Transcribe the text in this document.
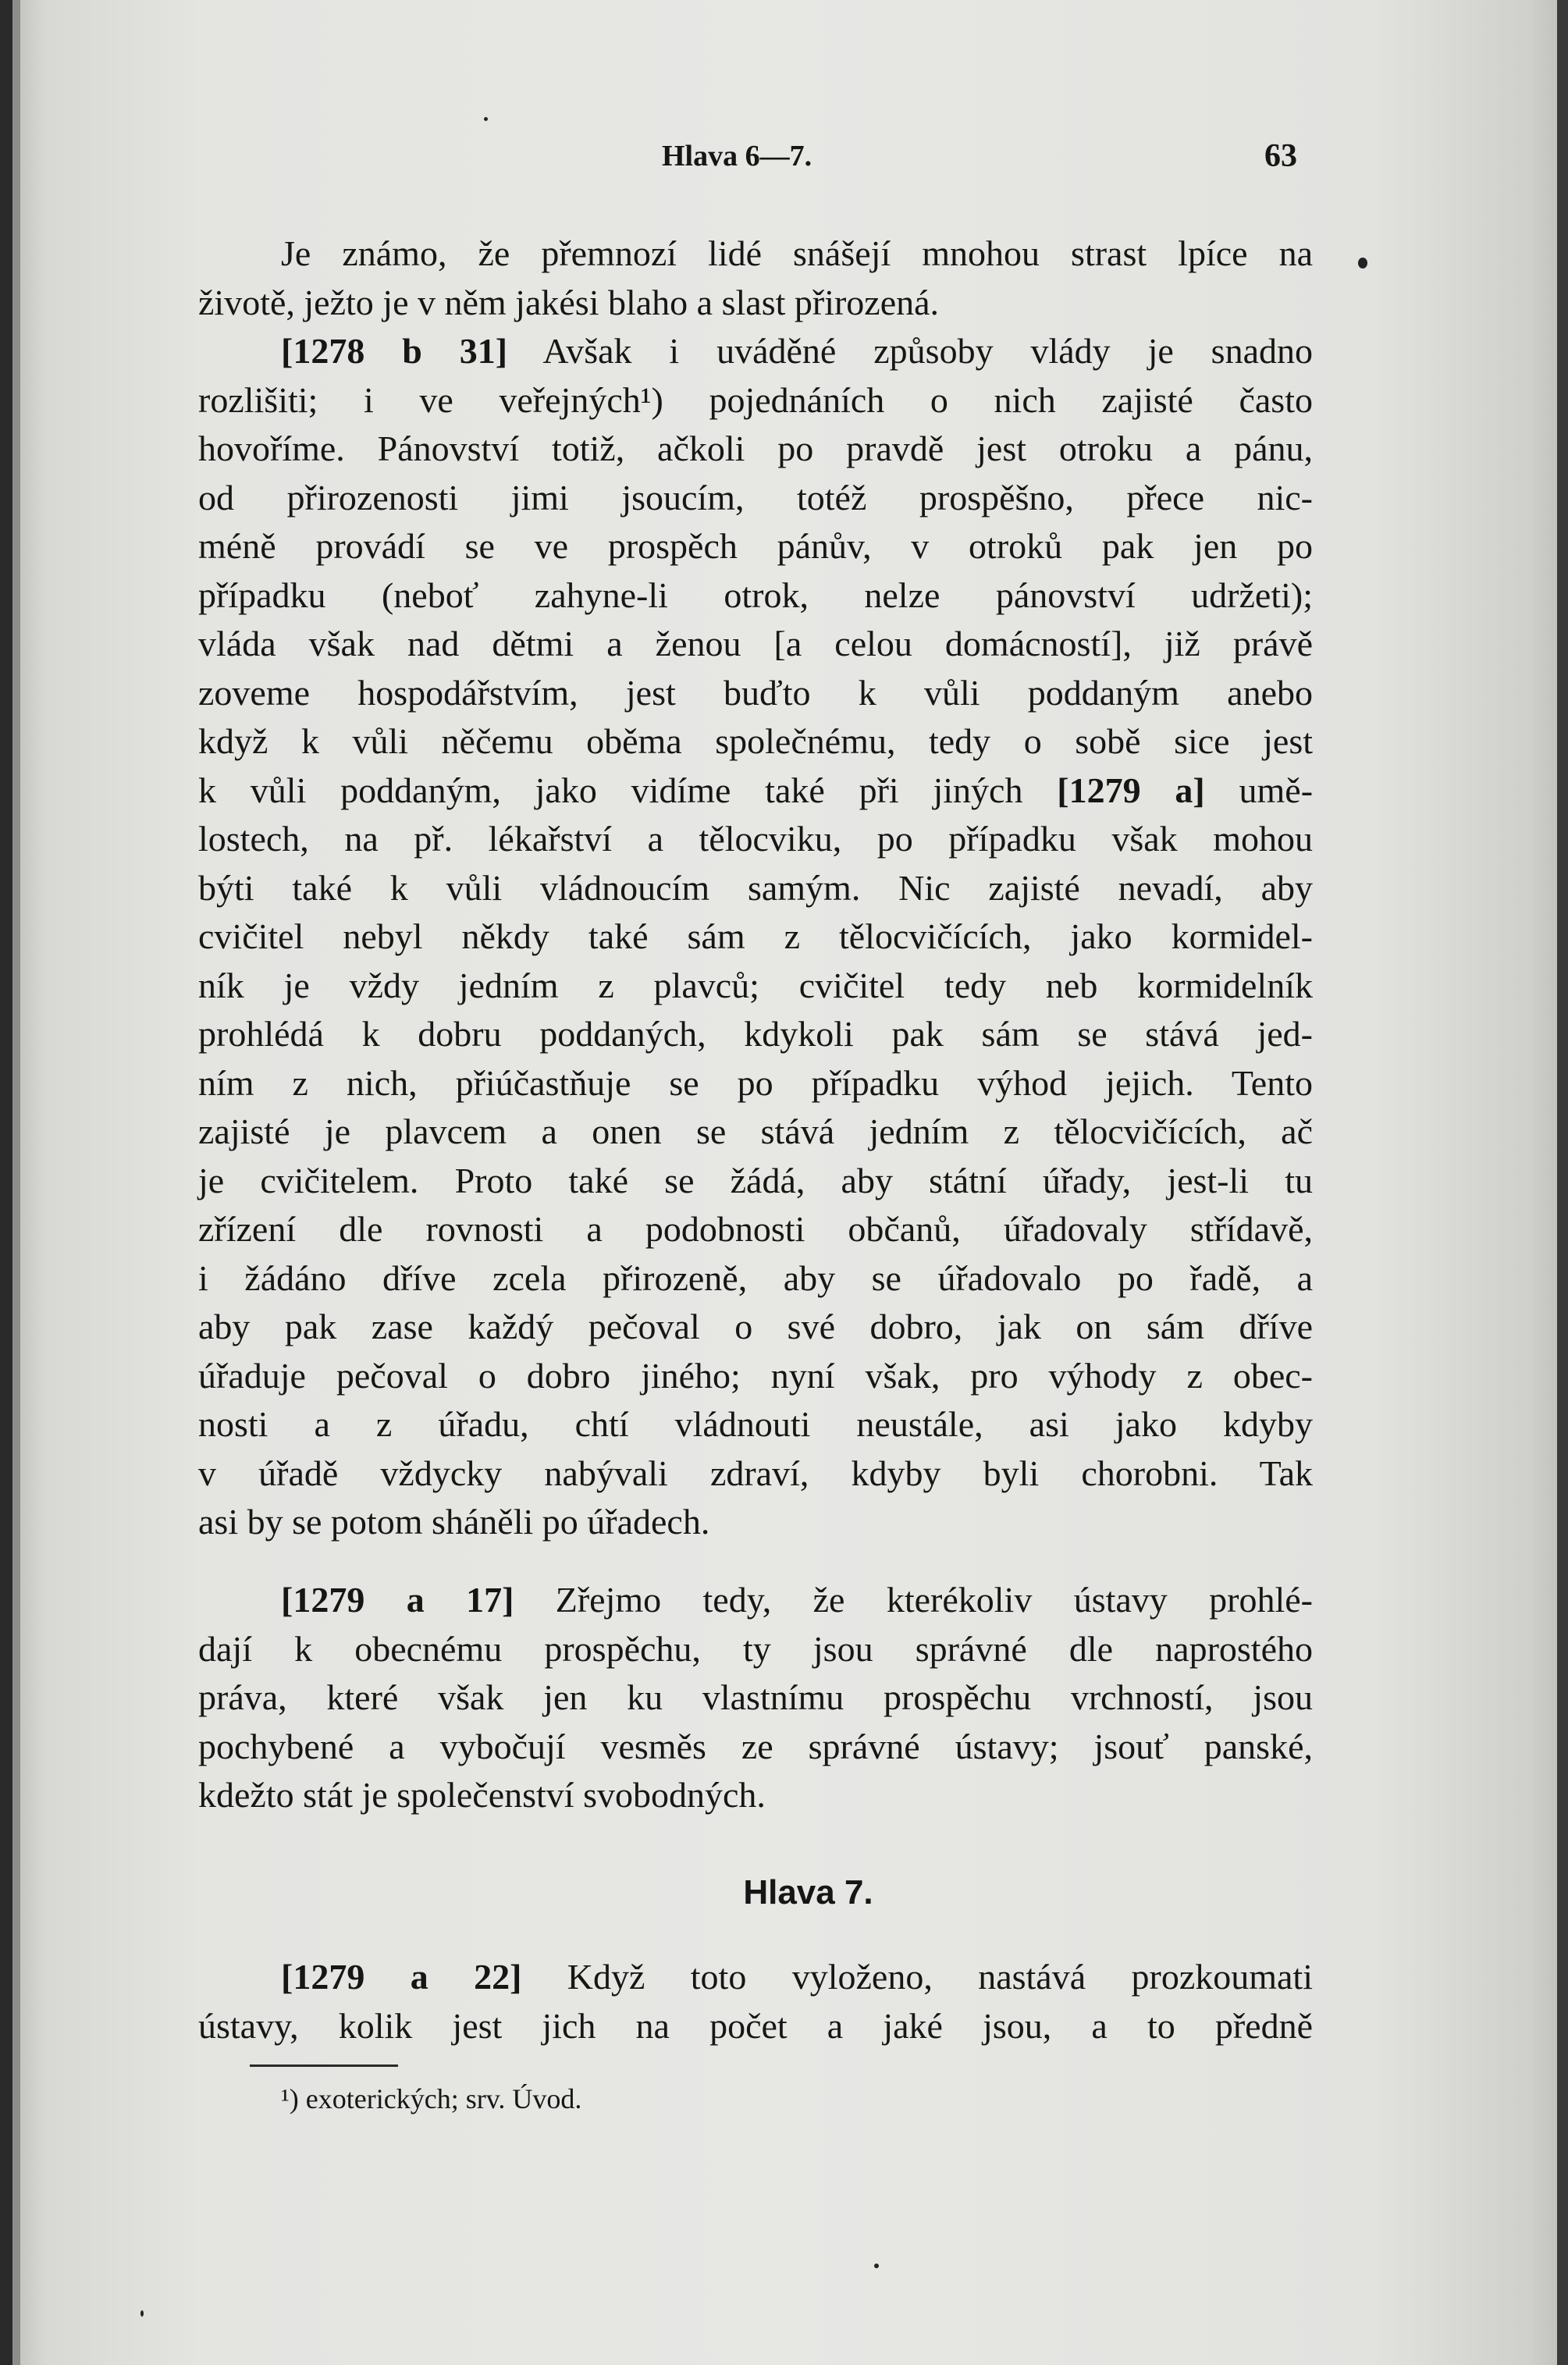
Hlava 6—7.	63
Je známo, že přemnozí lidé snášejí mnohou strast lpíce na
životě, ježto je v něm jakési blaho a slast přirozená.
[1278 b 31] Avšak i uváděné způsoby vlády je snadno
rozlišiti; i ve veřejných¹) pojednáních o nich zajisté často
hovoříme. Pánovství totiž, ačkoli po pravdě jest otroku a pánu,
od přirozenosti jimi jsoucím, totéž prospěšno, přece nic-
méně provádí se ve prospěch pánův, v otroků pak jen po
případku (neboť zahyne-li otrok, nelze pánovství udržeti);
vláda však nad dětmi a ženou [a celou domácností], již právě
zoveme hospodářstvím, jest buďto k vůli poddaným anebo
když k vůli něčemu oběma společnému, tedy o sobě sice jest
k vůli poddaným, jako vidíme také při jiných [1279 a] umě-
lostech, na př. lékařství a tělocviku, po případku však mohou
býti také k vůli vládnoucím samým. Nic zajisté nevadí, aby
cvičitel nebyl někdy také sám z tělocvičících, jako kormidel-
ník je vždy jedním z plavců; cvičitel tedy neb kormidelník
prohlédá k dobru poddaných, kdykoli pak sám se stává jed-
ním z nich, přiúčastňuje se po případku výhod jejich. Tento
zajisté je plavcem a onen se stává jedním z tělocvičících, ač
je cvičitelem. Proto také se žádá, aby státní úřady, jest-li tu
zřízení dle rovnosti a podobnosti občanů, úřadovaly střídavě,
i žádáno dříve zcela přirozeně, aby se úřadovalo po řadě, a
aby pak zase každý pečoval o své dobro, jak on sám dříve
úřaduje pečoval o dobro jiného; nyní však, pro výhody z obec-
nosti a z úřadu, chtí vládnouti neustále, asi jako kdyby
v úřadě vždycky nabývali zdraví, kdyby byli chorobni. Tak
asi by se potom sháněli po úřadech.
[1279 a 17] Zřejmo tedy, že kterékoliv ústavy prohlé-
dají k obecnému prospěchu, ty jsou správné dle naprostého
práva, které však jen ku vlastnímu prospěchu vrchností, jsou
pochybené a vybočují vesměs ze správné ústavy; jsouť panské,
kdežto stát je společenství svobodných.
Hlava 7.
[1279 a 22] Když toto vyloženo, nastává prozkoumati
ústavy, kolik jest jich na počet a jaké jsou, a to předně
¹) exoterických; srv. Úvod.
